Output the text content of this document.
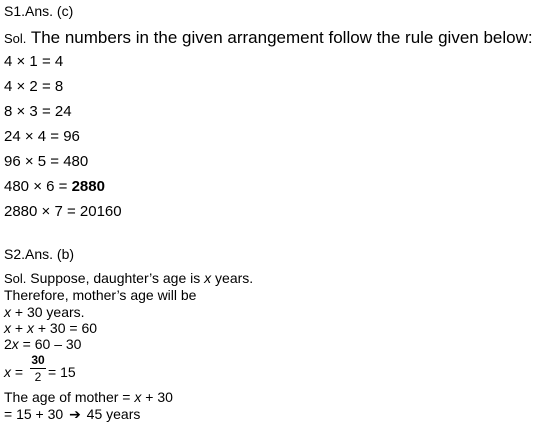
S1.Ans. (c)
Sol. The numbers in the given arrangement follow the rule given below:
4 × 1 = 4
4 × 2 = 8
8 × 3 = 24
24 × 4 = 96
96 × 5 = 480
480 × 6 = 2880
2880 × 7 = 20160
S2.Ans. (b)
Sol. Suppose, daughter’s age is x years.
Therefore, mother’s age will be
x + 30 years.
x + x + 30 = 60
2x = 60 – 30
x =
30
2 = 15
The age of mother = x + 30
= 15 + 30 ➔ 45 years
